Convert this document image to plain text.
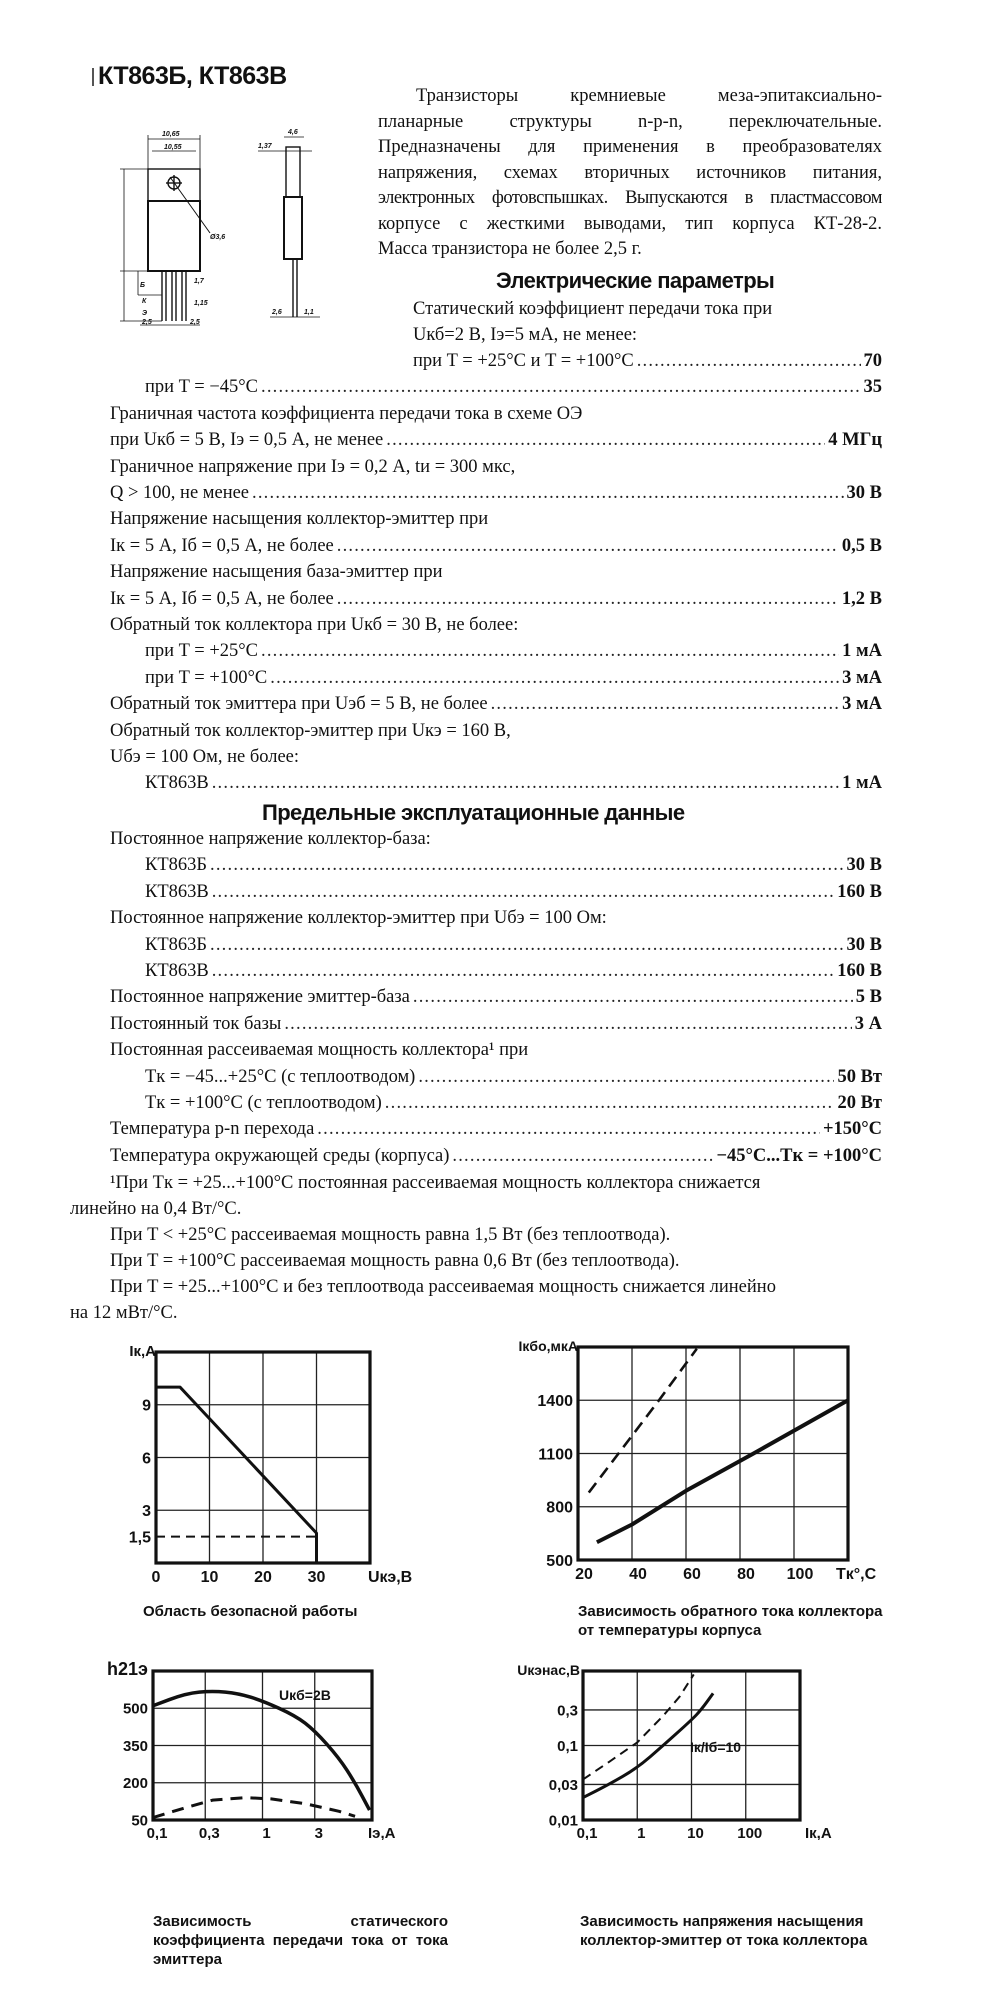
КТ863Б, КТ863В
10,65
10,55
Ø3,6
Б
К
Э
1,7
1,15
2,5	2,5
4,6
1,37
2,6	1,1
Транзисторы кремниевые меза-эпитаксиально-
планарные структуры n-p-n, переключательные.
Предназначены для применения в преобразователях
напряжения, схемах вторичных источников питания,
электронных фотовспышках. Выпускаются в пластмассовом
корпусе с жесткими выводами, тип корпуса КТ-28-2.
Масса транзистора не более 2,5 г.
Электрические параметры
Статический коэффициент передачи тока при
Uкб=2 В, Iэ=5 мА, не менее:
при T = +25°C и T = +100°C .....	70
при T = −45°C .....	35
Граничная частота коэффициента передачи тока в схеме ОЭ
при Uкб = 5 В, Iэ = 0,5 А, не менее .....	4 МГц
Граничное напряжение при Iэ = 0,2 А, tи = 300 мкс,
Q > 100, не менее .....	30 В
Напряжение насыщения коллектор-эмиттер при
Iк = 5 А, Iб = 0,5 А, не более .....	0,5 В
Напряжение насыщения база-эмиттер при
Iк = 5 А, Iб = 0,5 А, не более .....	1,2 В
Обратный ток коллектора при Uкб = 30 В, не более:
при T = +25°C .....	1 мА
при T = +100°C .....	3 мА
Обратный ток эмиттера при Uэб = 5 В, не более .....	3 мА
Обратный ток коллектор-эмиттер при Uкэ = 160 В,
Uбэ = 100 Ом, не более:
КТ863В .....	1 мА
Предельные эксплуатационные данные
Постоянное напряжение коллектор-база:
КТ863Б .....	30 В
КТ863В .....	160 В
Постоянное напряжение коллектор-эмиттер при Uбэ = 100 Ом:
КТ863Б .....	30 В
КТ863В .....	160 В
Постоянное напряжение эмиттер-база .....	5 В
Постоянный ток базы .....	3 А
Постоянная рассеиваемая мощность коллектора¹ при
Tк = −45...+25°C (с теплоотводом) .....	50 Вт
Tк = +100°C (с теплоотводом) .....	20 Вт
Температура p-n перехода .....	+150°C
Температура окружающей среды (корпуса) .....	−45°C...Tк = +100°C
¹При Tк = +25...+100°C постоянная рассеиваемая мощность коллектора снижается
линейно на 0,4 Вт/°C.
При T < +25°C рассеиваемая мощность равна 1,5 Вт (без теплоотвода).
При T = +100°C рассеиваемая мощность равна 0,6 Вт (без теплоотвода).
При T = +25...+100°C и без теплоотвода рассеиваемая мощность снижается линейно
на 12 мВт/°C.
0	10 20 30
1,5
3
6
9
Uкэ,В
Iк,А
20 40 60 80 100
500
800
1100
1400
Tк°,C
Iкбо,мкА
0,1 0,3	1	3
50
200
350
500
Iэ,А
h21э
Uкб=2В
0,1	1	10 100
0,01
0,03
0,1
0,3
Iк,А
Uкэнас,В
Iк/Iб=10
Область безопасной работы	Зависимость обратного тока коллектора
от температуры корпуса
Зависимость статического
коэффициента передачи тока от тока
эмиттера
Зависимость напряжения насыщения
коллектор-эмиттер от тока коллектора
